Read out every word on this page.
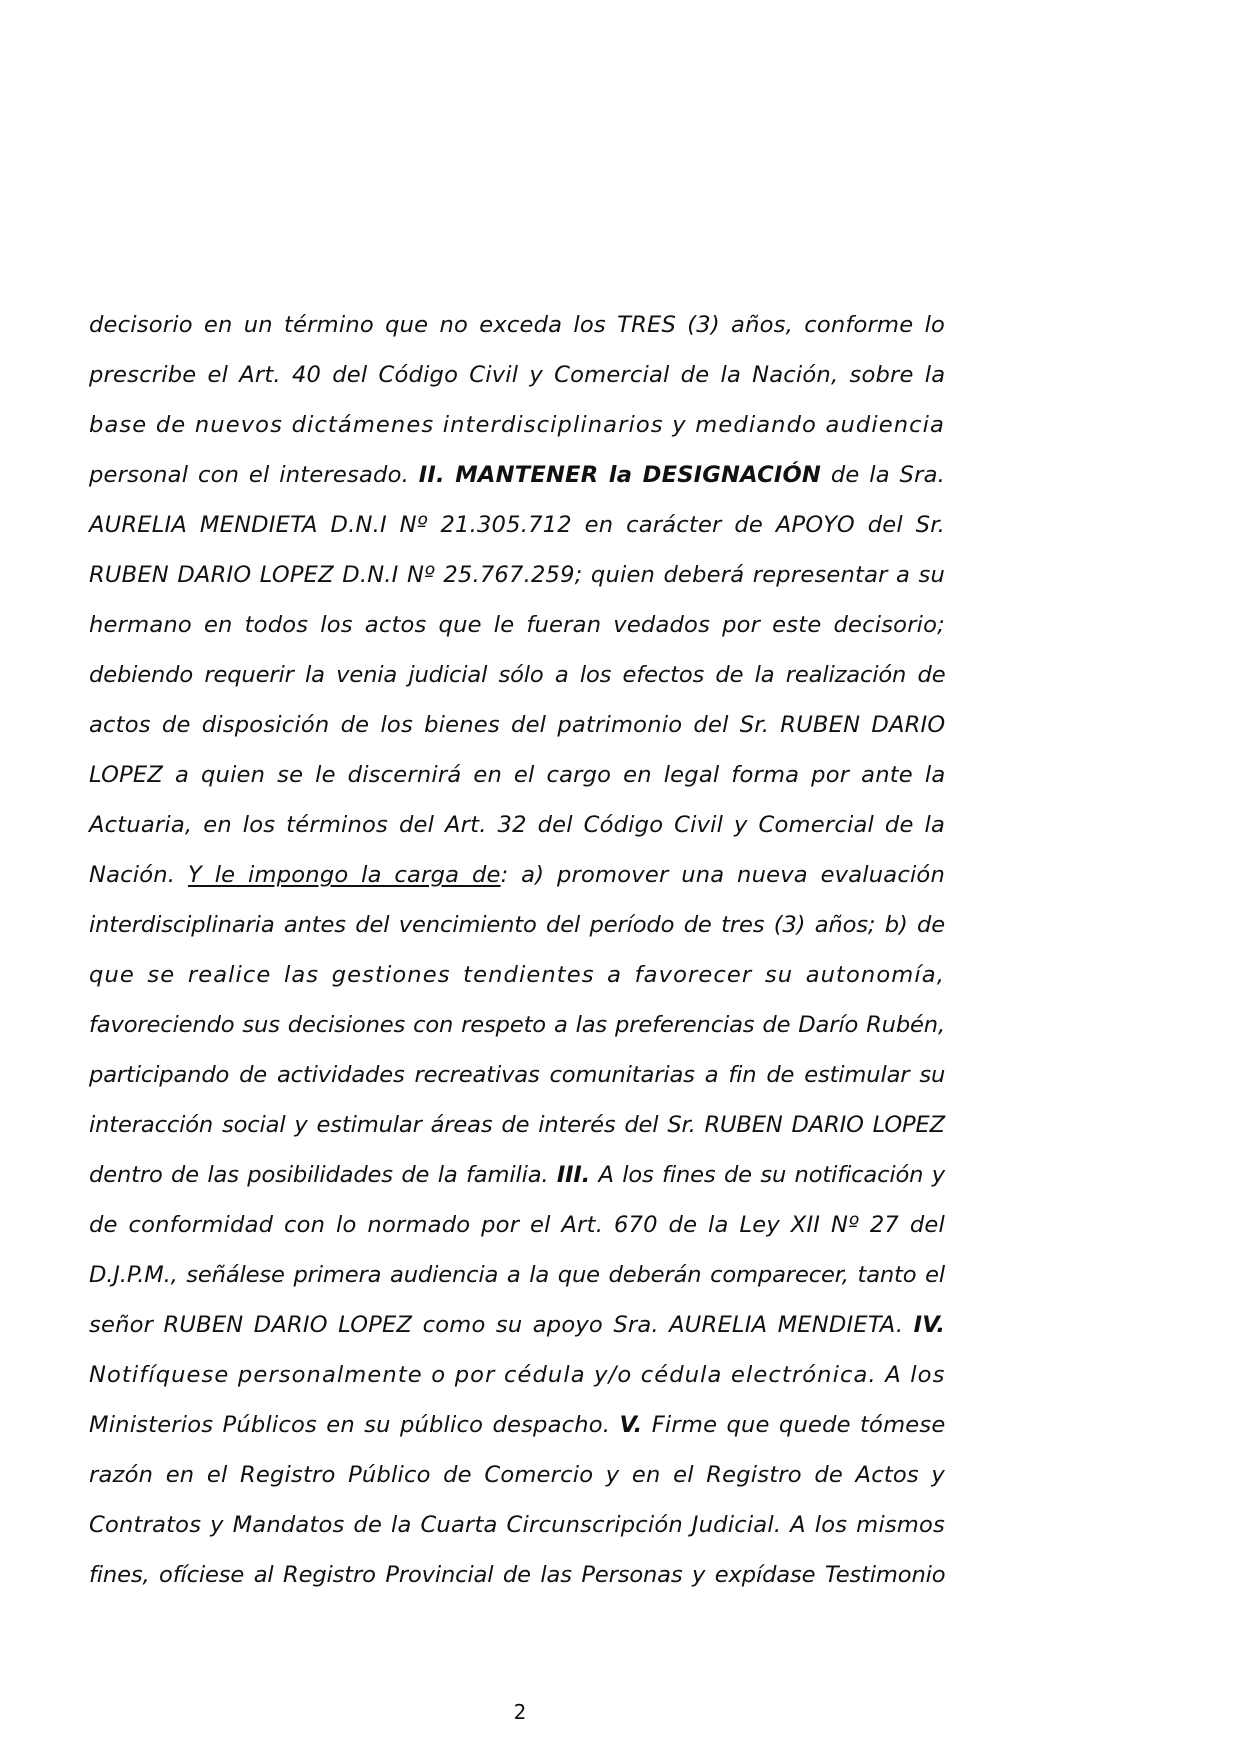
decisorio en un término que no exceda los TRES (3) años, conforme lo
prescribe el Art. 40 del Código Civil y Comercial de la Nación, sobre la
base de nuevos dictámenes interdisciplinarios y mediando audiencia
personal con el interesado. II. MANTENER la DESIGNACIÓN de la Sra.
AURELIA MENDIETA D.N.I Nº 21.305.712 en carácter de APOYO del Sr.
RUBEN DARIO LOPEZ D.N.I Nº 25.767.259; quien deberá representar a su
hermano en todos los actos que le fueran vedados por este decisorio;
debiendo requerir la venia judicial sólo a los efectos de la realización de
actos de disposición de los bienes del patrimonio del Sr. RUBEN DARIO
LOPEZ a quien se le discernirá en el cargo en legal forma por ante la
Actuaria, en los términos del Art. 32 del Código Civil y Comercial de la
Nación. Y le impongo la carga de: a) promover una nueva evaluación
interdisciplinaria antes del vencimiento del período de tres (3) años; b) de
que se realice las gestiones tendientes a favorecer su autonomía,
favoreciendo sus decisiones con respeto a las preferencias de Darío Rubén,
participando de actividades recreativas comunitarias a fin de estimular su
interacción social y estimular áreas de interés del Sr. RUBEN DARIO LOPEZ
dentro de las posibilidades de la familia. III. A los fines de su notificación y
de conformidad con lo normado por el Art. 670 de la Ley XII Nº 27 del
D.J.P.M., señálese primera audiencia a la que deberán comparecer, tanto el
señor RUBEN DARIO LOPEZ como su apoyo Sra. AURELIA MENDIETA. IV.
Notifíquese personalmente o por cédula y/o cédula electrónica. A los
Ministerios Públicos en su público despacho. V. Firme que quede tómese
razón en el Registro Público de Comercio y en el Registro de Actos y
Contratos y Mandatos de la Cuarta Circunscripción Judicial. A los mismos
fines, ofíciese al Registro Provincial de las Personas y expídase Testimonio
2
